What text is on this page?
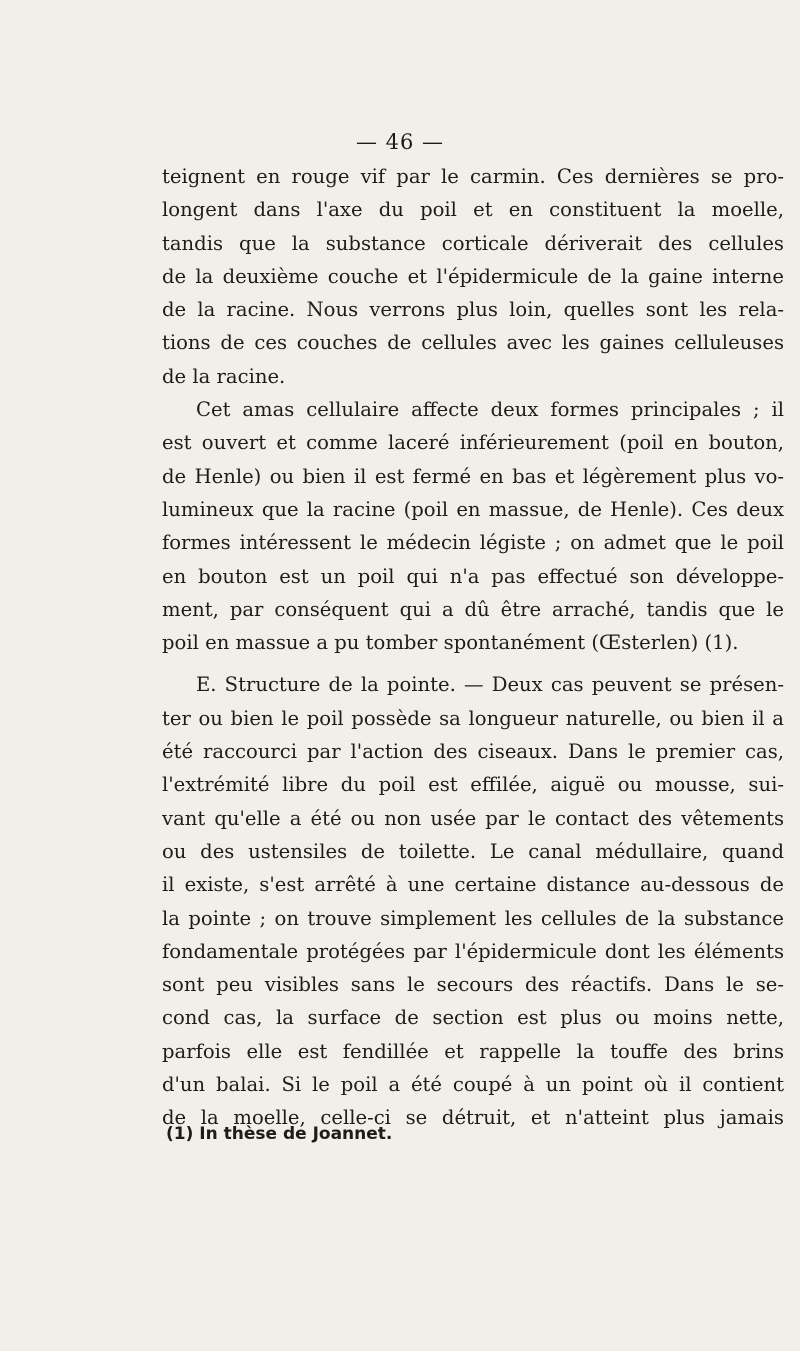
— 46 —
teignent en rouge vif par le carmin. Ces dernières se pro-
longent dans l'axe du poil et en constituent la moelle,
tandis que la substance corticale dériverait des cellules
de la deuxième couche et l'épidermicule de la gaine interne
de la racine. Nous verrons plus loin, quelles sont les rela-
tions de ces couches de cellules avec les gaines celluleuses
de la racine.
Cet amas cellulaire affecte deux formes principales ; il
est ouvert et comme laceré inférieurement (poil en bouton,
de Henle) ou bien il est fermé en bas et légèrement plus vo-
lumineux que la racine (poil en massue, de Henle). Ces deux
formes intéressent le médecin légiste ; on admet que le poil
en bouton est un poil qui n'a pas effectué son développe-
ment, par conséquent qui a dû être arraché, tandis que le
poil en massue a pu tomber spontanément (Œsterlen) (1).
E. Structure de la pointe. — Deux cas peuvent se présen-
ter ou bien le poil possède sa longueur naturelle, ou bien il a
été raccourci par l'action des ciseaux. Dans le premier cas,
l'extrémité libre du poil est effilée, aiguë ou mousse, sui-
vant qu'elle a été ou non usée par le contact des vêtements
ou des ustensiles de toilette. Le canal médullaire, quand
il existe, s'est arrêté à une certaine distance au-dessous de
la pointe ; on trouve simplement les cellules de la substance
fondamentale protégées par l'épidermicule dont les éléments
sont peu visibles sans le secours des réactifs. Dans le se-
cond cas, la surface de section est plus ou moins nette,
parfois elle est fendillée et rappelle la touffe des brins
d'un balai. Si le poil a été coupé à un point où il contient
de la moelle, celle-ci se détruit, et n'atteint plus jamais
(1) In thèse de Joannet.
